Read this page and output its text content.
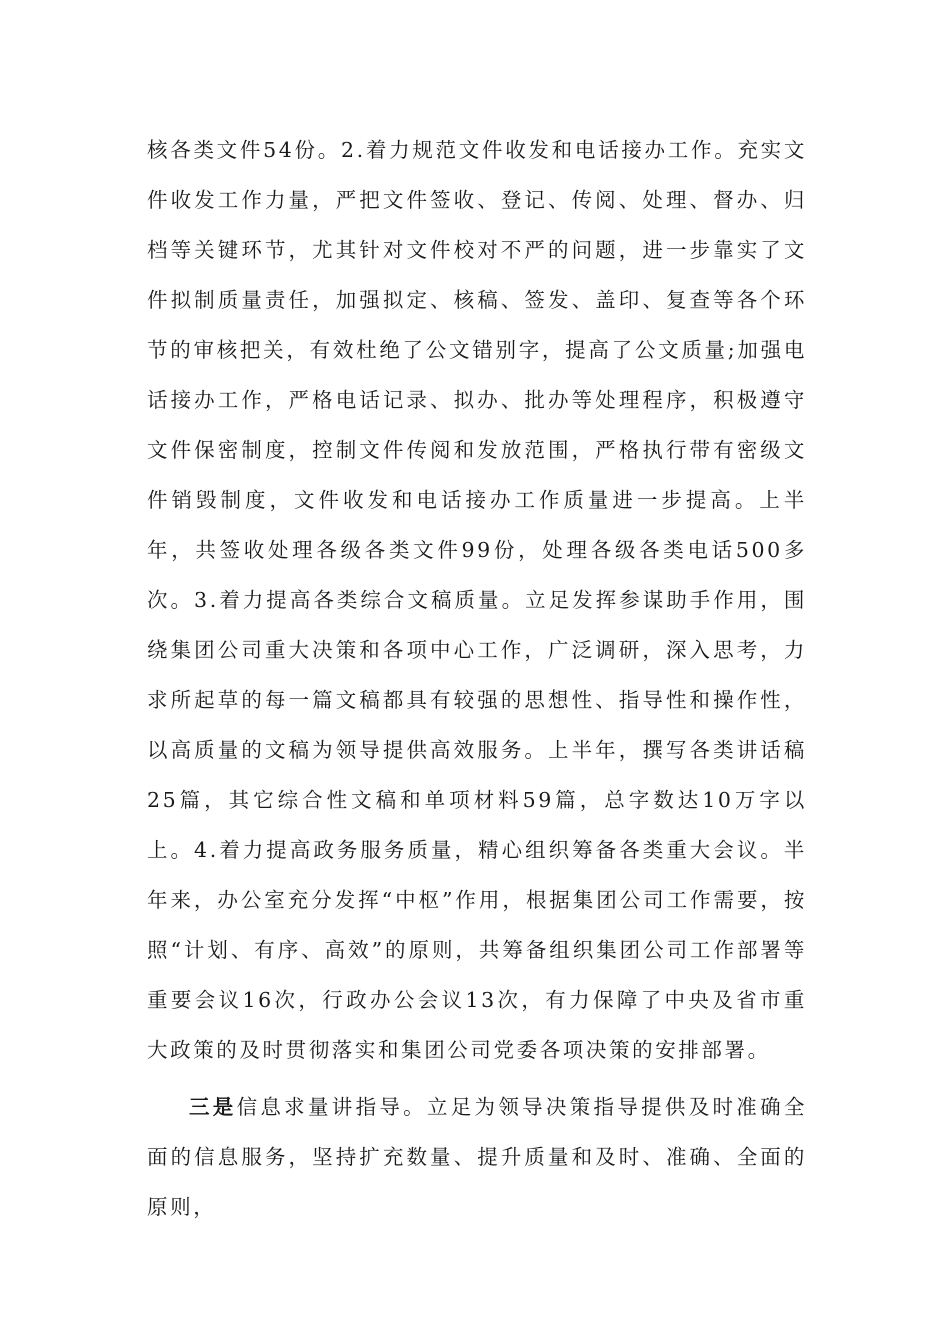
核各类文件54份。2.着力规范文件收发和电话接办工作。充实文件收发工作力量，严把文件签收、登记、传阅、处理、督办、归档等关键环节，尤其针对文件校对不严的问题，进一步靠实了文件拟制质量责任，加强拟定、核稿、签发、盖印、复查等各个环节的审核把关，有效杜绝了公文错别字，提高了公文质量;加强电话接办工作，严格电话记录、拟办、批办等处理程序，积极遵守文件保密制度，控制文件传阅和发放范围，严格执行带有密级文件销毁制度，文件收发和电话接办工作质量进一步提高。上半年，共签收处理各级各类文件99份，处理各级各类电话500多次。3.着力提高各类综合文稿质量。立足发挥参谋助手作用，围绕集团公司重大决策和各项中心工作，广泛调研，深入思考，力求所起草的每一篇文稿都具有较强的思想性、指导性和操作性，以高质量的文稿为领导提供高效服务。上半年，撰写各类讲话稿25篇，其它综合性文稿和单项材料59篇，总字数达10万字以上。4.着力提高政务服务质量，精心组织筹备各类重大会议。半年来，办公室充分发挥“中枢”作用，根据集团公司工作需要，按照“计划、有序、高效”的原则，共筹备组织集团公司工作部署等重要会议16次，行政办公会议13次，有力保障了中央及省市重大政策的及时贯彻落实和集团公司党委各项决策的安排部署。

三是信息求量讲指导。立足为领导决策指导提供及时准确全面的信息服务，坚持扩充数量、提升质量和及时、准确、全面的原则，
